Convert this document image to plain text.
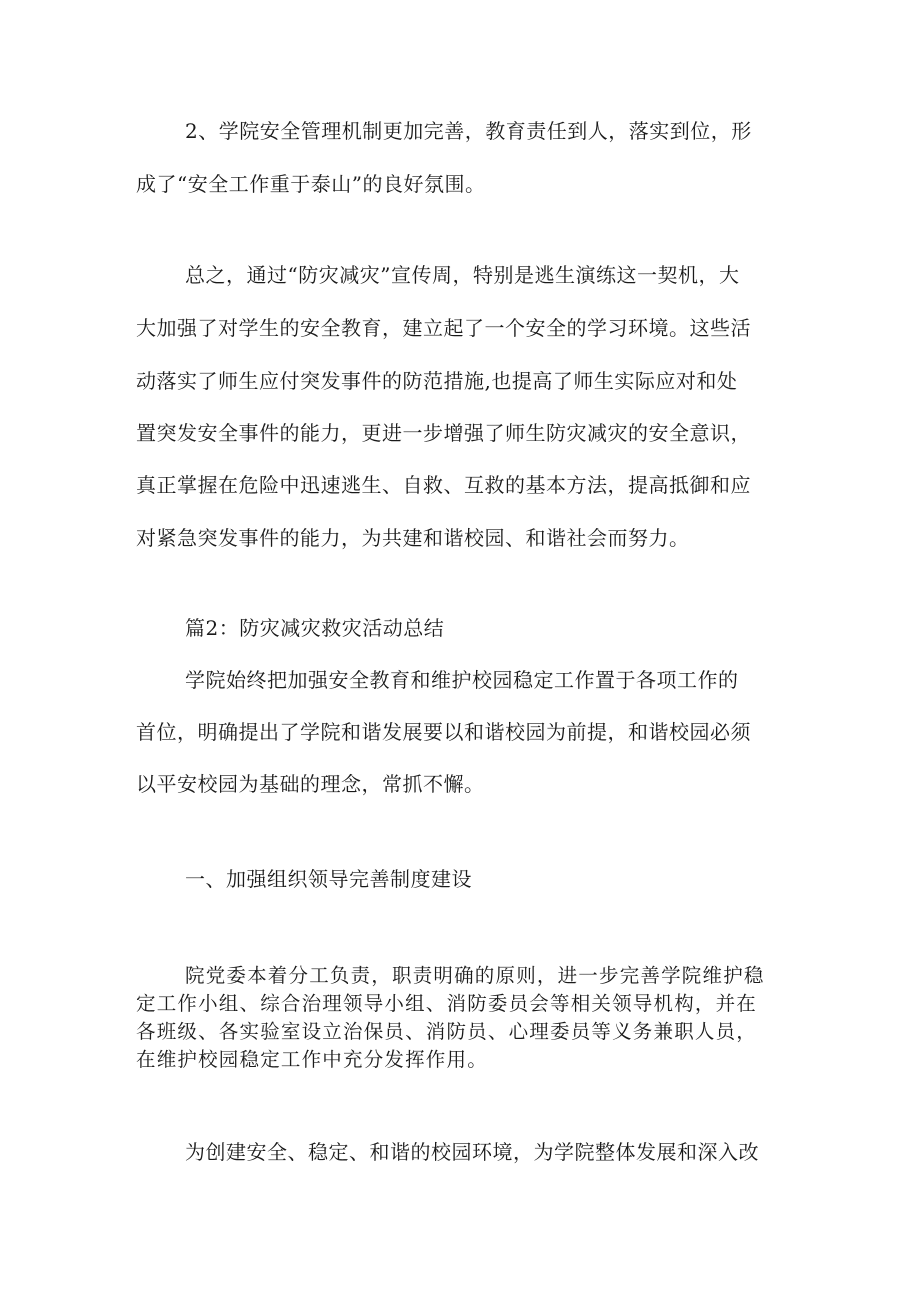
2、学院安全管理机制更加完善，教育责任到人，落实到位，形
成了“安全工作重于泰山”的良好氛围。
总之，通过“防灾减灾”宣传周，特别是逃生演练这一契机，大
大加强了对学生的安全教育，建立起了一个安全的学习环境。这些活
动落实了师生应付突发事件的防范措施,也提高了师生实际应对和处
置突发安全事件的能力，更进一步增强了师生防灾减灾的安全意识，
真正掌握在危险中迅速逃生、自救、互救的基本方法，提高抵御和应
对紧急突发事件的能力，为共建和谐校园、和谐社会而努力。
篇2：防灾减灾救灾活动总结
学院始终把加强安全教育和维护校园稳定工作置于各项工作的
首位，明确提出了学院和谐发展要以和谐校园为前提，和谐校园必须
以平安校园为基础的理念，常抓不懈。
一、加强组织领导完善制度建设
院党委本着分工负责，职责明确的原则，进一步完善学院维护稳
定工作小组、综合治理领导小组、消防委员会等相关领导机构，并在
各班级、各实验室设立治保员、消防员、心理委员等义务兼职人员，
在维护校园稳定工作中充分发挥作用。
为创建安全、稳定、和谐的校园环境，为学院整体发展和深入改
